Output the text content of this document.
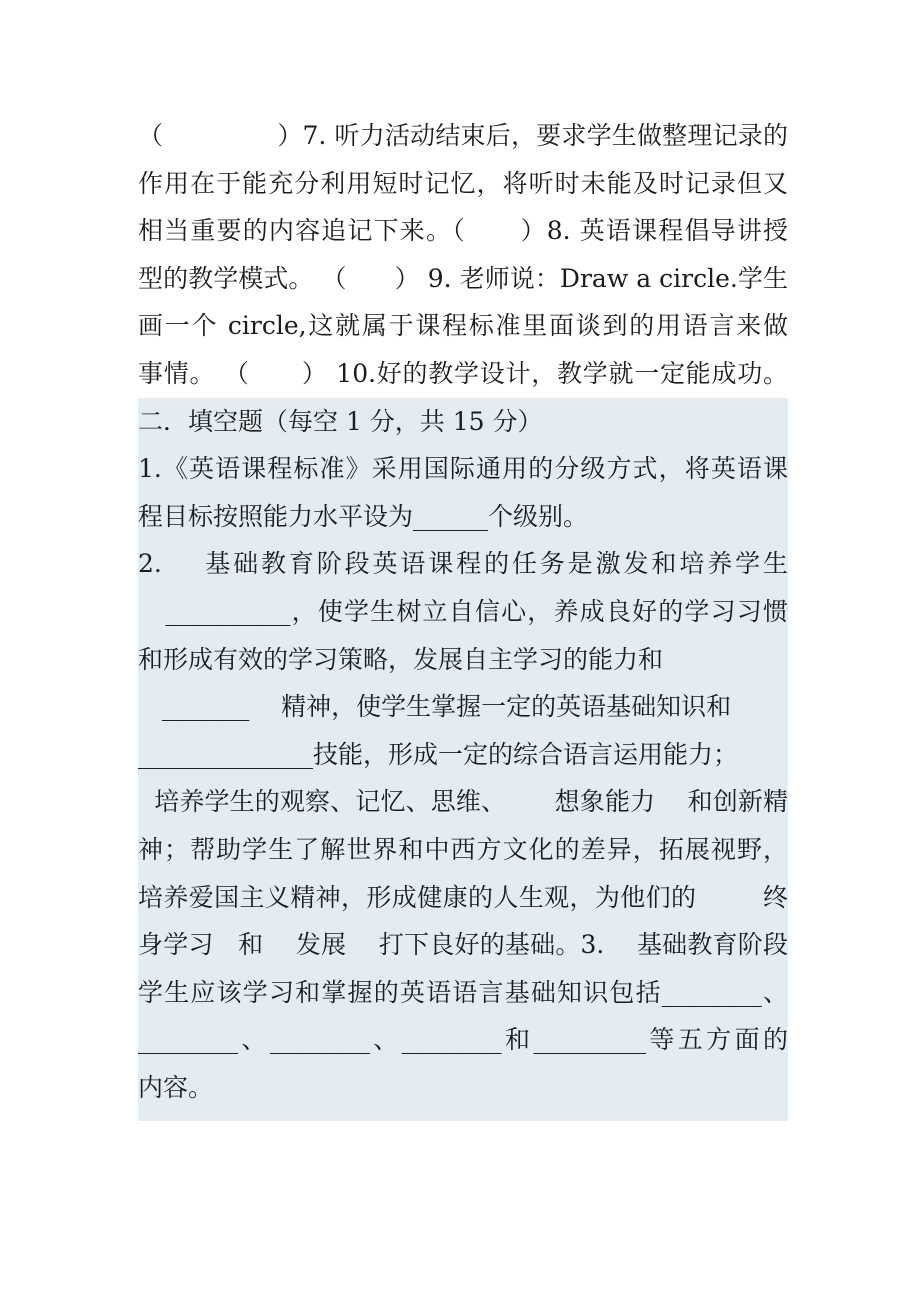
（              ）7. 听力活动结束后，要求学生做整理记录的
作用在于能充分利用短时记忆，将听时未能及时记录但又
相当重要的内容追记下来。（      ）8. 英语课程倡导讲授
型的教学模式。 （      ） 9. 老师说：Draw a circle.学生
画一个 circle,这就属于课程标准里面谈到的用语言来做
事情。 （      ） 10.好的教学设计，教学就一定能成功。
二．填空题（每空 1 分，共 15 分）
1.《英语课程标准》采用国际通用的分级方式，将英语课
程目标按照能力水平设为______个级别。
2.    基础教育阶段英语课程的任务是激发和培养学生
__________，使学生树立自信心，养成良好的学习习惯
和形成有效的学习策略，发展自主学习的能力和
_______    精神，使学生掌握一定的英语基础知识和
______________技能，形成一定的综合语言运用能力；
培养学生的观察、记忆、思维、      想象能力    和创新精
神；帮助学生了解世界和中西方文化的差异，拓展视野，
培养爱国主义精神，形成健康的人生观，为他们的        终
身学习   和    发展    打下良好的基础。3.    基础教育阶段
学生应该学习和掌握的英语语言基础知识包括________、
________、________、________和_________等五方面的
内容。
